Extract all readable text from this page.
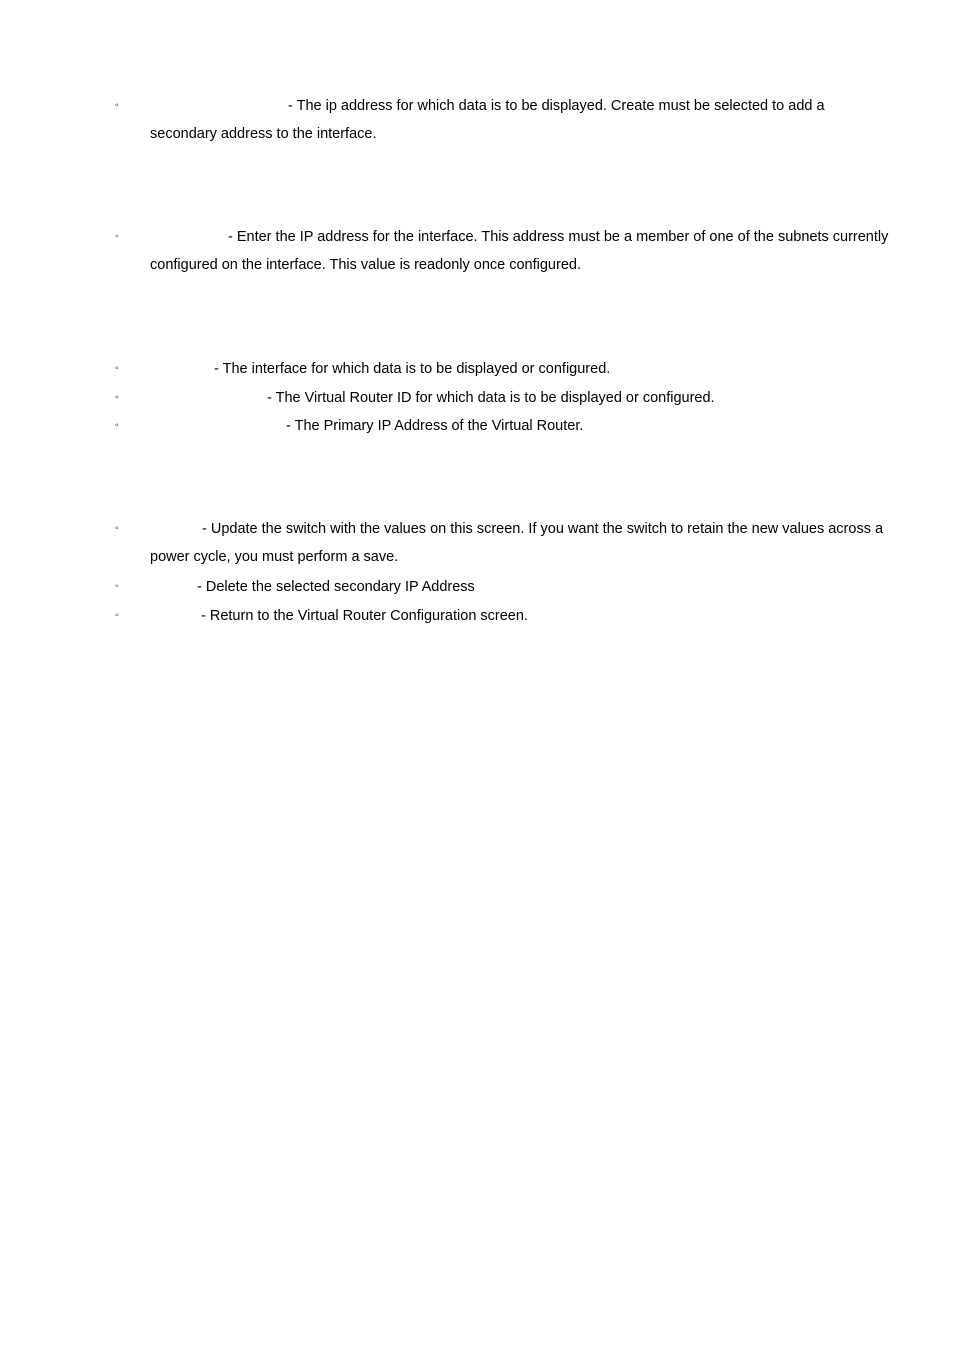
◦	- The ip address for which data is to be displayed. Create must be selected to add a
secondary address to the interface.
◦	- Enter the IP address for the interface. This address must be a member of one of the subnets currently
configured on the interface. This value is readonly once configured.
◦	- The interface for which data is to be displayed or configured.
◦	- The Virtual Router ID for which data is to be displayed or configured.
◦	- The Primary IP Address of the Virtual Router.
◦	- Update the switch with the values on this screen. If you want the switch to retain the new values across a
power cycle, you must perform a save.
◦	- Delete the selected secondary IP Address
◦	- Return to the Virtual Router Configuration screen.
